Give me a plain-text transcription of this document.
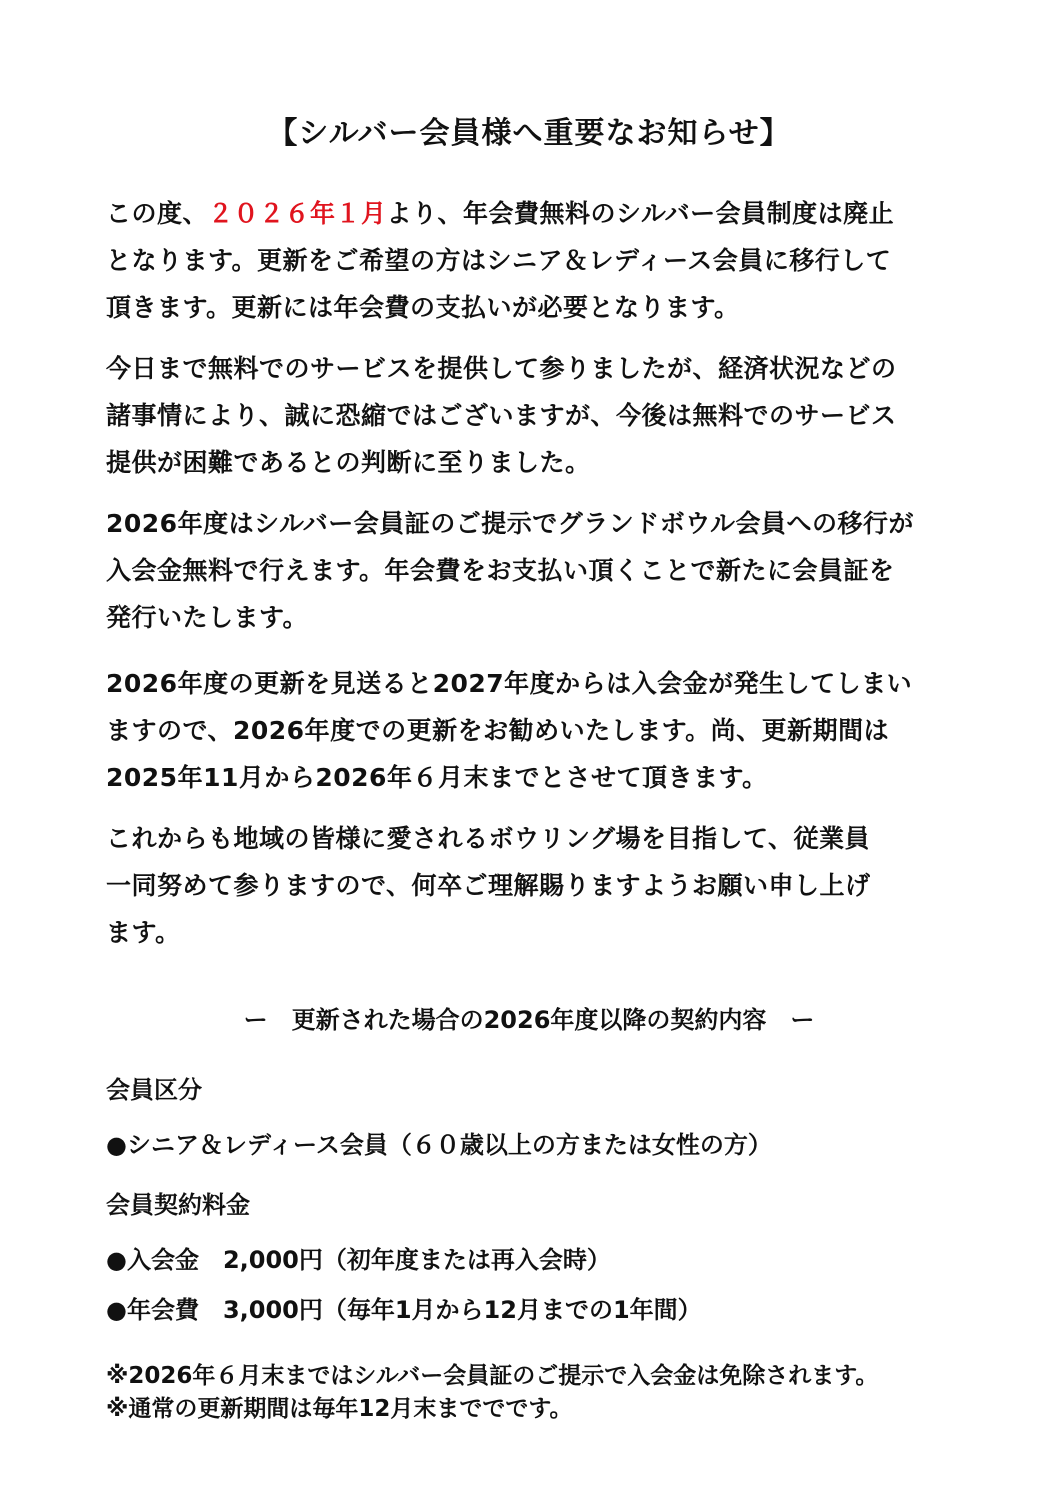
【シルバー会員様へ重要なお知らせ】

この度、２０２６年１月より、年会費無料のシルバー会員制度は廃止
となります。更新をご希望の方はシニア＆レディース会員に移行して
頂きます。更新には年会費の支払いが必要となります。

今日まで無料でのサービスを提供して参りましたが、経済状況などの
諸事情により、誠に恐縮ではございますが、今後は無料でのサービス
提供が困難であるとの判断に至りました。

2026年度はシルバー会員証のご提示でグランドボウル会員への移行が
入会金無料で行えます。年会費をお支払い頂くことで新たに会員証を
発行いたします。

2026年度の更新を見送ると2027年度からは入会金が発生してしまい
ますので、2026年度での更新をお勧めいたします。尚、更新期間は
2025年11月から2026年６月末までとさせて頂きます。

これからも地域の皆様に愛されるボウリング場を目指して、従業員
一同努めて参りますので、何卒ご理解賜りますようお願い申し上げ
ます。

ー　更新された場合の2026年度以降の契約内容　ー
会員区分
●シニア＆レディース会員（６０歳以上の方または女性の方）
会員契約料金
●入会金　2,000円（初年度または再入会時）
●年会費　3,000円（毎年1月から12月までの1年間）
※2026年６月末まではシルバー会員証のご提示で入会金は免除されます。
※通常の更新期間は毎年12月末まででです。
